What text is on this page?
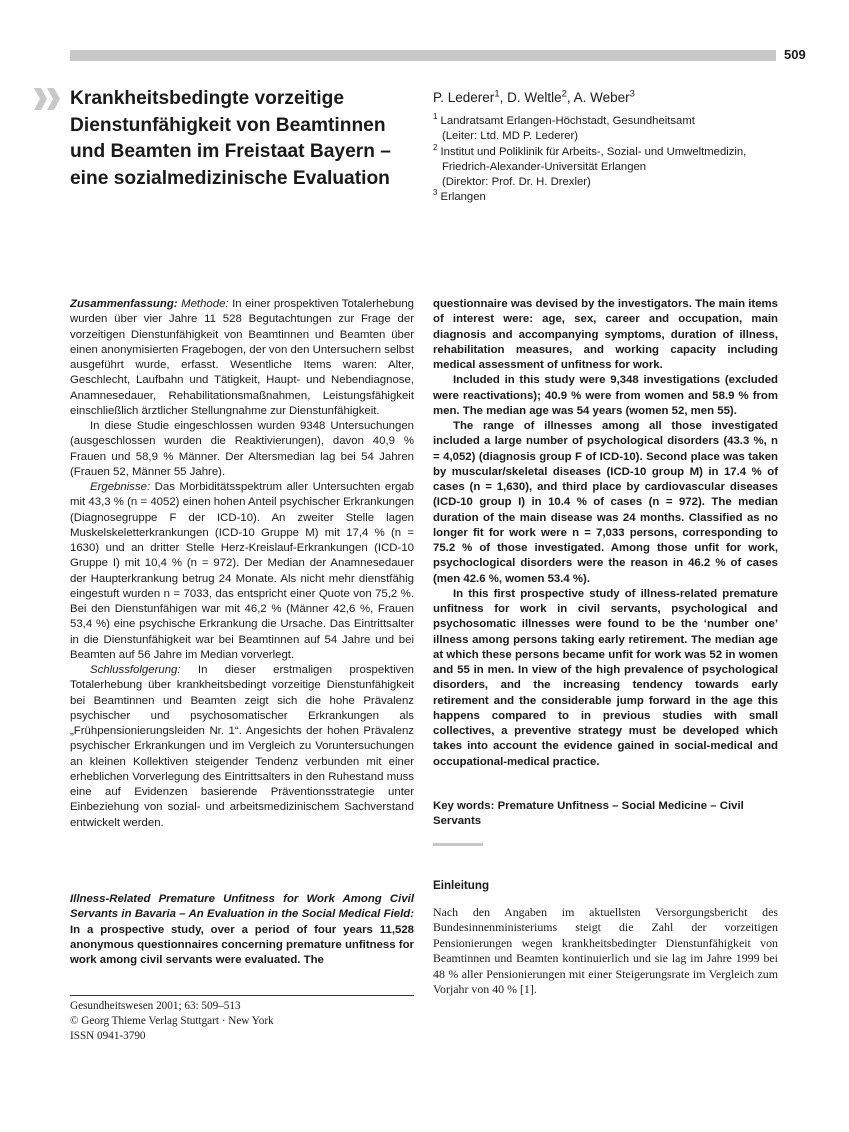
509
Krankheitsbedingte vorzeitige Dienstunfähigkeit von Beamtinnen und Beamten im Freistaat Bayern – eine sozialmedizinische Evaluation

P. Lederer$^1$, D. Weltle$^2$, A. Weber$^3$

$^1$ Landratsamt Erlangen-Höchstadt, Gesundheitsamt
(Leiter: Ltd. MD P. Lederer)
$^2$ Institut und Poliklinik für Arbeits-, Sozial- und Umweltmedizin,
Friedrich-Alexander-Universität Erlangen
(Direktor: Prof. Dr. H. Drexler)
$^3$ Erlangen

Zusammenfassung: Methode: In einer prospektiven Totalerhebung wurden über vier Jahre 11 528 Begutachtungen zur Frage der vorzeitigen Dienstunfähigkeit von Beamtinnen und Beamten über einen anonymisierten Fragebogen, der von den Untersuchern selbst ausgeführt wurde, erfasst. Wesentliche Items waren: Alter, Geschlecht, Laufbahn und Tätigkeit, Haupt- und Nebendiagnose, Anamnesedauer, Rehabilitationsmaßnahmen, Leistungsfähigkeit einschließlich ärztlicher Stellungnahme zur Dienstunfähigkeit.

In diese Studie eingeschlossen wurden 9348 Untersuchungen (ausgeschlossen wurden die Reaktivierungen), davon 40,9 % Frauen und 58,9 % Männer. Der Altersmedian lag bei 54 Jahren (Frauen 52, Männer 55 Jahre).

Ergebnisse: Das Morbiditätsspektrum aller Untersuchten ergab mit 43,3 % (n = 4052) einen hohen Anteil psychischer Erkrankungen (Diagnosegruppe F der ICD-10). An zweiter Stelle lagen Muskelskeletterkrankungen (ICD-10 Gruppe M) mit 17,4 % (n = 1630) und an dritter Stelle Herz-Kreislauf-Erkrankungen (ICD-10 Gruppe I) mit 10,4 % (n = 972). Der Median der Anamnesedauer der Haupterkrankung betrug 24 Monate. Als nicht mehr dienstfähig eingestuft wurden n = 7033, das entspricht einer Quote von 75,2 %. Bei den Dienstunfähigen war mit 46,2 % (Männer 42,6 %, Frauen 53,4 %) eine psychische Erkrankung die Ursache. Das Eintrittsalter in die Dienstunfähigkeit war bei Beamtinnen auf 54 Jahre und bei Beamten auf 56 Jahre im Median vorverlegt.

Schlussfolgerung: In dieser erstmaligen prospektiven Totalerhebung über krankheitsbedingt vorzeitige Dienstunfähigkeit bei Beamtinnen und Beamten zeigt sich die hohe Prävalenz psychischer und psychosomatischer Erkrankungen als „Frühpensionierungsleiden Nr. 1“. Angesichts der hohen Prävalenz psychischer Erkrankungen und im Vergleich zu Voruntersuchungen an kleinen Kollektiven steigender Tendenz verbunden mit einer erheblichen Vorverlegung des Eintrittsalters in den Ruhestand muss eine auf Evidenzen basierende Präventionsstrategie unter Einbeziehung von sozial- und arbeitsmedizinischem Sachverstand entwickelt werden.

Illness-Related Premature Unfitness for Work Among Civil Servants in Bavaria – An Evaluation in the Social Medical Field: In a prospective study, over a period of four years 11,528 anonymous questionnaires concerning premature unfitness for work among civil servants were evaluated. The

Gesundheitswesen 2001; 63: 509–513
© Georg Thieme Verlag Stuttgart · New York
ISSN 0941-3790

questionnaire was devised by the investigators. The main items of interest were: age, sex, career and occupation, main diagnosis and accompanying symptoms, duration of illness, rehabilitation measures, and working capacity including medical assessment of unfitness for work.

Included in this study were 9,348 investigations (excluded were reactivations); 40.9 % were from women and 58.9 % from men. The median age was 54 years (women 52, men 55).

The range of illnesses among all those investigated included a large number of psychological disorders (43.3 %, n = 4,052) (diagnosis group F of ICD-10). Second place was taken by muscular/skeletal diseases (ICD-10 group M) in 17.4 % of cases (n = 1,630), and third place by cardiovascular diseases (ICD-10 group I) in 10.4 % of cases (n = 972). The median duration of the main disease was 24 months. Classified as no longer fit for work were n = 7,033 persons, corresponding to 75.2 % of those investigated. Among those unfit for work, psychoclogical disorders were the reason in 46.2 % of cases (men 42.6 %, women 53.4 %).

In this first prospective study of illness-related premature unfitness for work in civil servants, psychological and psychosomatic illnesses were found to be the ‘number one’ illness among persons taking early retirement. The median age at which these persons became unfit for work was 52 in women and 55 in men. In view of the high prevalence of psychological disorders, and the increasing tendency towards early retirement and the considerable jump forward in the age this happens compared to in previous studies with small collectives, a preventive strategy must be developed which takes into account the evidence gained in social-medical and occupational-medical practice.

Key words: Premature Unfitness – Social Medicine – Civil Servants

Einleitung

Nach den Angaben im aktuellsten Versorgungsbericht des Bundesinnenministeriums steigt die Zahl der vorzeitigen Pensionierungen wegen krankheitsbedingter Dienstunfähigkeit von Beamtinnen und Beamten kontinuierlich und sie lag im Jahre 1999 bei 48 % aller Pensionierungen mit einer Steigerungsrate im Vergleich zum Vorjahr von 40 % [1].
